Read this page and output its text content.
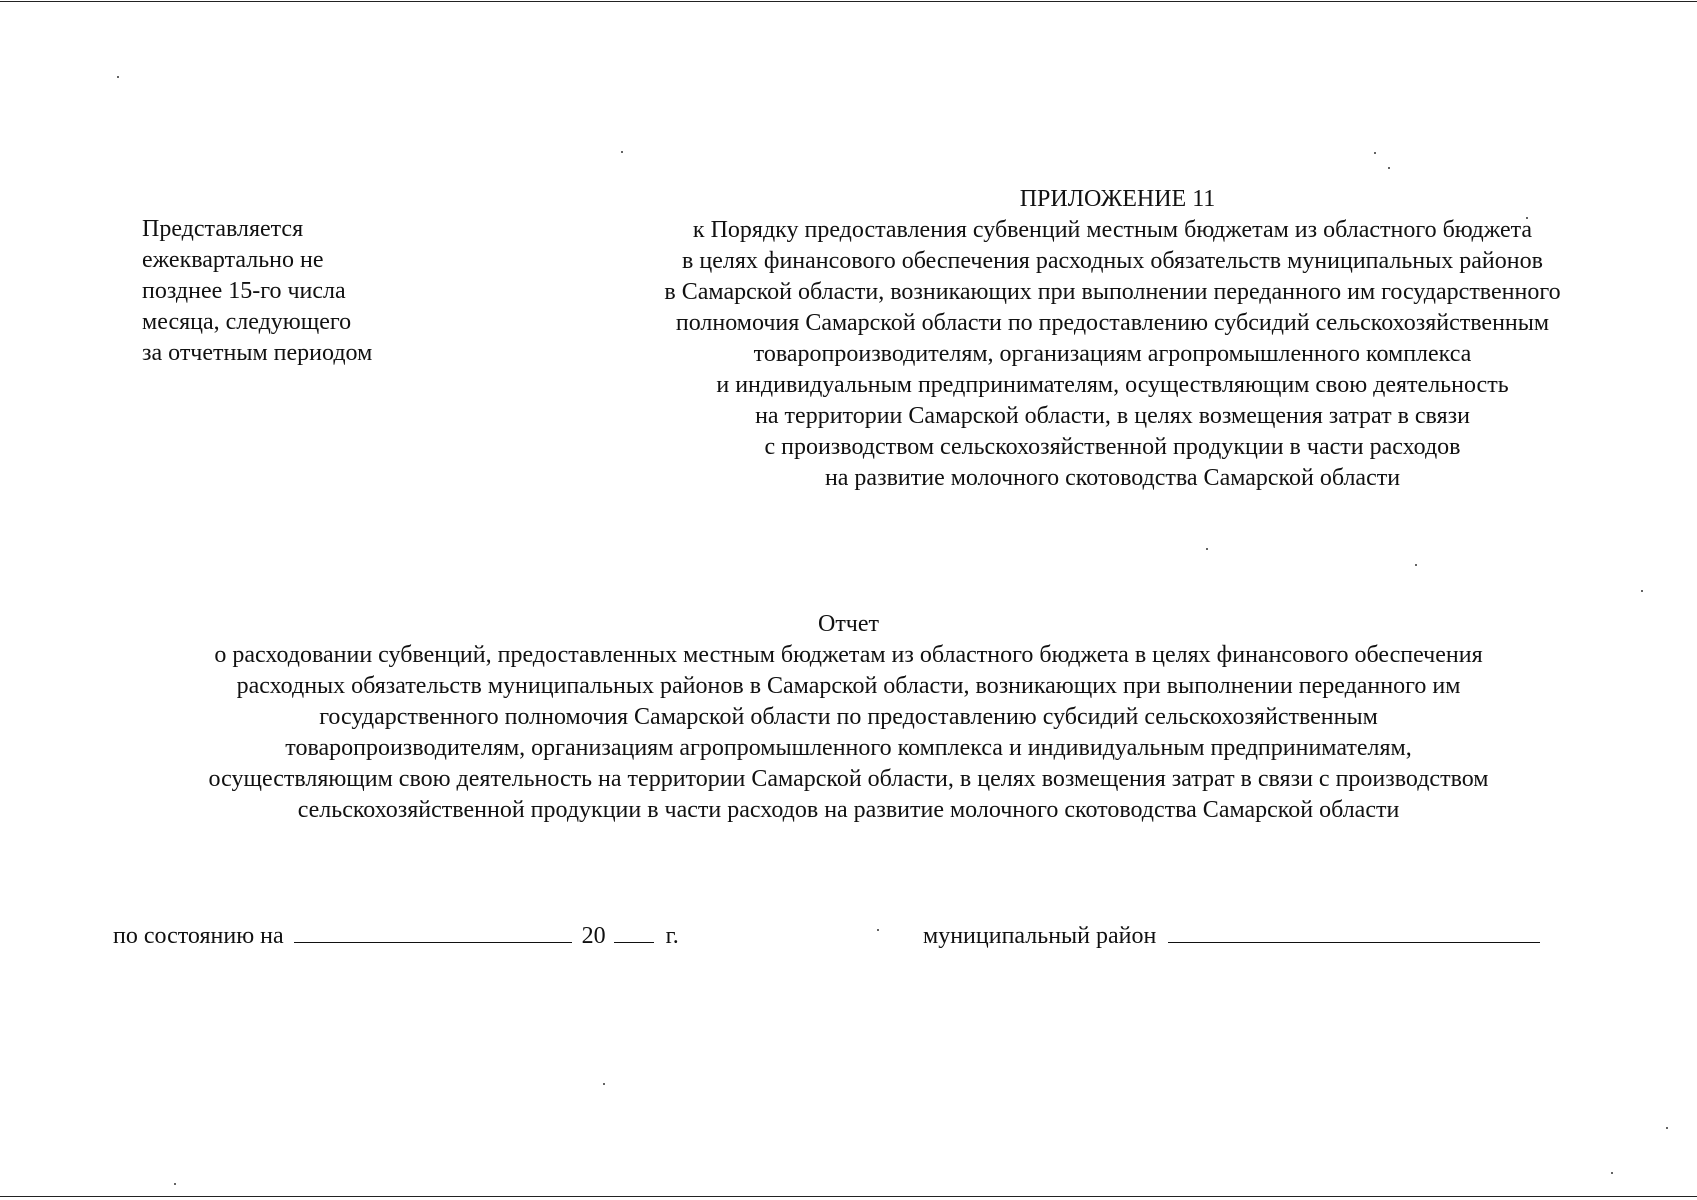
Представляется
ежеквартально не
позднее 15-го числа
месяца, следующего
за отчетным периодом
ПРИЛОЖЕНИЕ 11
к Порядку предоставления субвенций местным бюджетам из областного бюджета
в целях финансового обеспечения расходных обязательств муниципальных районов
в Самарской области, возникающих при выполнении переданного им государственного
полномочия Самарской области по предоставлению субсидий сельскохозяйственным
товаропроизводителям, организациям агропромышленного комплекса
и индивидуальным предпринимателям, осуществляющим свою деятельность
на территории Самарской области, в целях возмещения затрат в связи
с производством сельскохозяйственной продукции в части расходов
на развитие молочного скотоводства Самарской области
Отчет
о расходовании субвенций, предоставленных местным бюджетам из областного бюджета в целях финансового обеспечения
расходных обязательств муниципальных районов в Самарской области, возникающих при выполнении переданного им
государственного полномочия Самарской области по предоставлению субсидий сельскохозяйственным
товаропроизводителям, организациям агропромышленного комплекса и индивидуальным предпринимателям,
осуществляющим свою деятельность на территории Самарской области, в целях возмещения затрат в связи с производством
сельскохозяйственной продукции в части расходов на развитие молочного скотоводства Самарской области
по состоянию на	20	г.	муниципальный район
